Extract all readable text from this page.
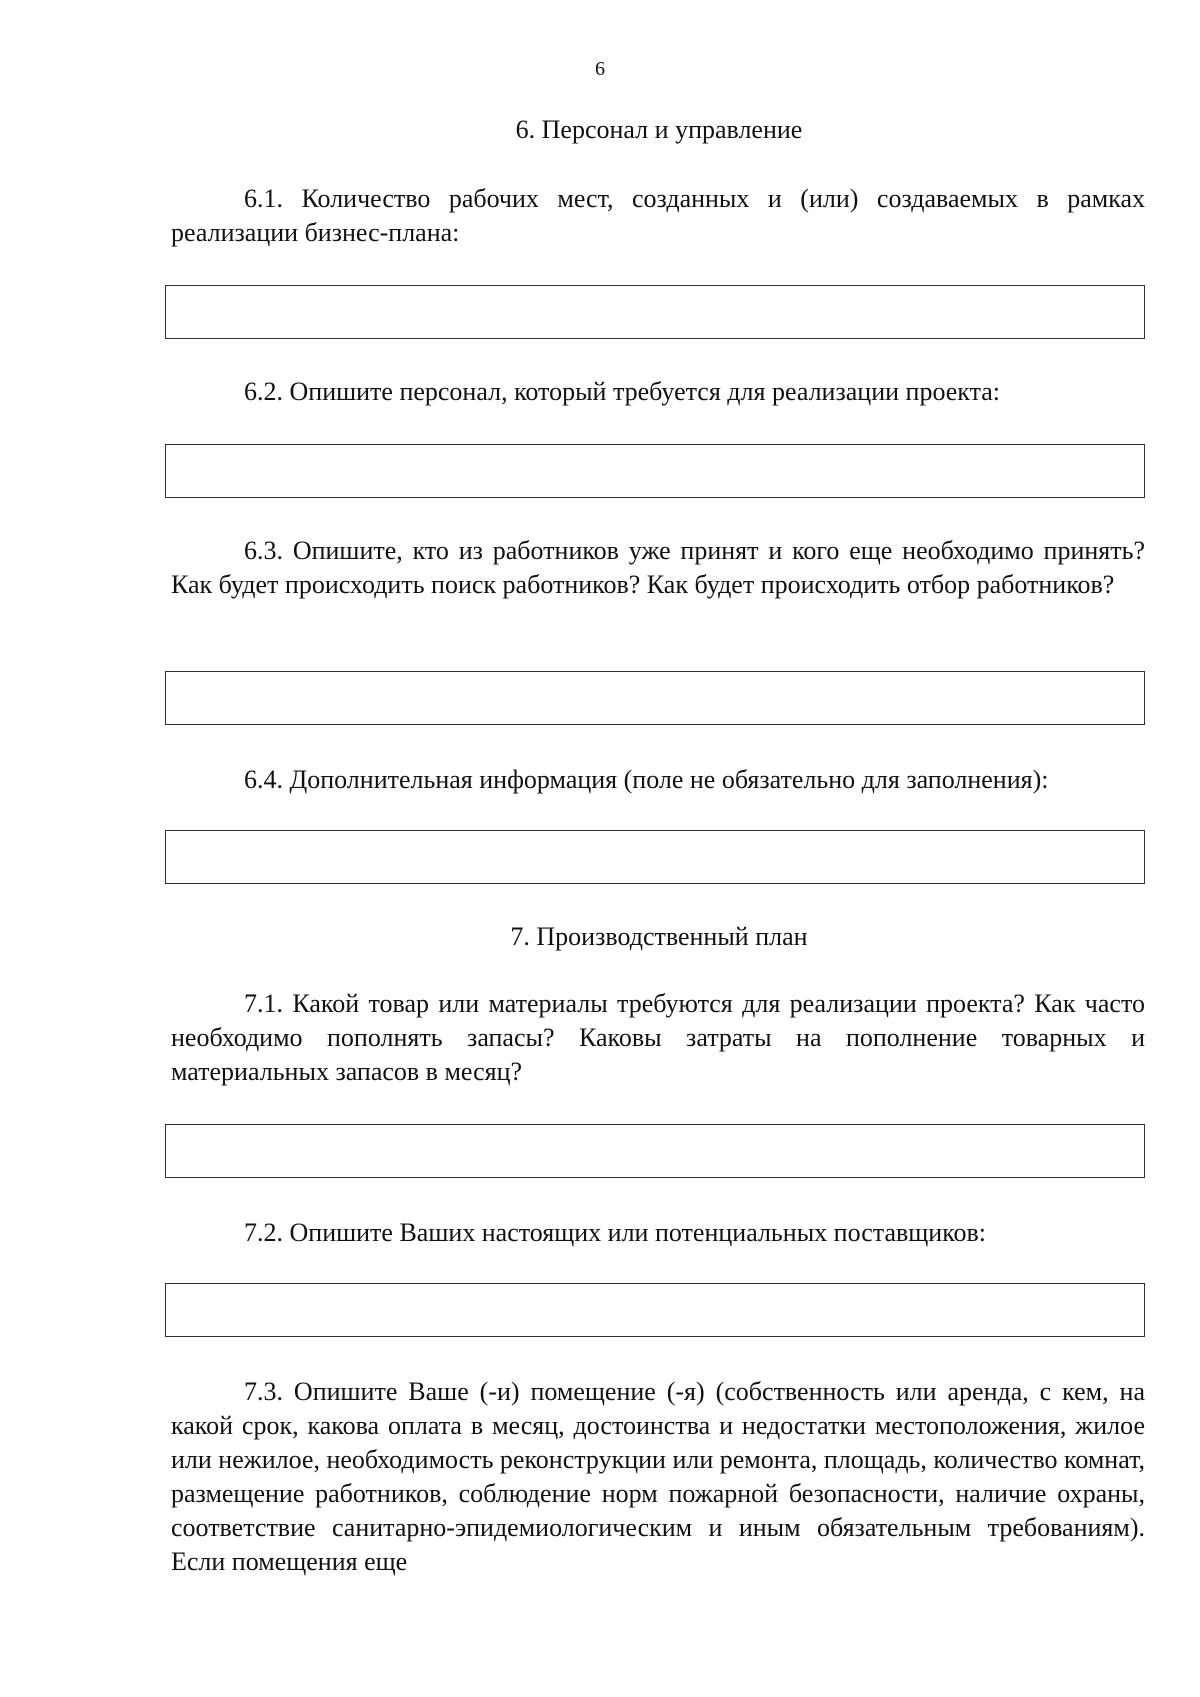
6
6. Персонал и управление

6.1. Количество рабочих мест, созданных и (или) создаваемых в рамках реализации бизнес-плана:

6.2. Опишите персонал, который требуется для реализации проекта:

6.3. Опишите, кто из работников уже принят и кого еще необходимо принять? Как будет происходить поиск работников? Как будет происходить отбор работников?

6.4. Дополнительная информация (поле не обязательно для заполнения):

7. Производственный план

7.1. Какой товар или материалы требуются для реализации проекта? Как часто необходимо пополнять запасы? Каковы затраты на пополнение товарных и материальных запасов в месяц?

7.2. Опишите Ваших настоящих или потенциальных поставщиков:

7.3. Опишите Ваше (-и) помещение (-я) (собственность или аренда, с кем, на какой срок, какова оплата в месяц, достоинства и недостатки местоположения, жилое или нежилое, необходимость реконструкции или ремонта, площадь, количество комнат, размещение работников, соблюдение норм пожарной безопасности, наличие охраны, соответствие санитарно-эпидемиологическим и иным обязательным требованиям). Если помещения еще
